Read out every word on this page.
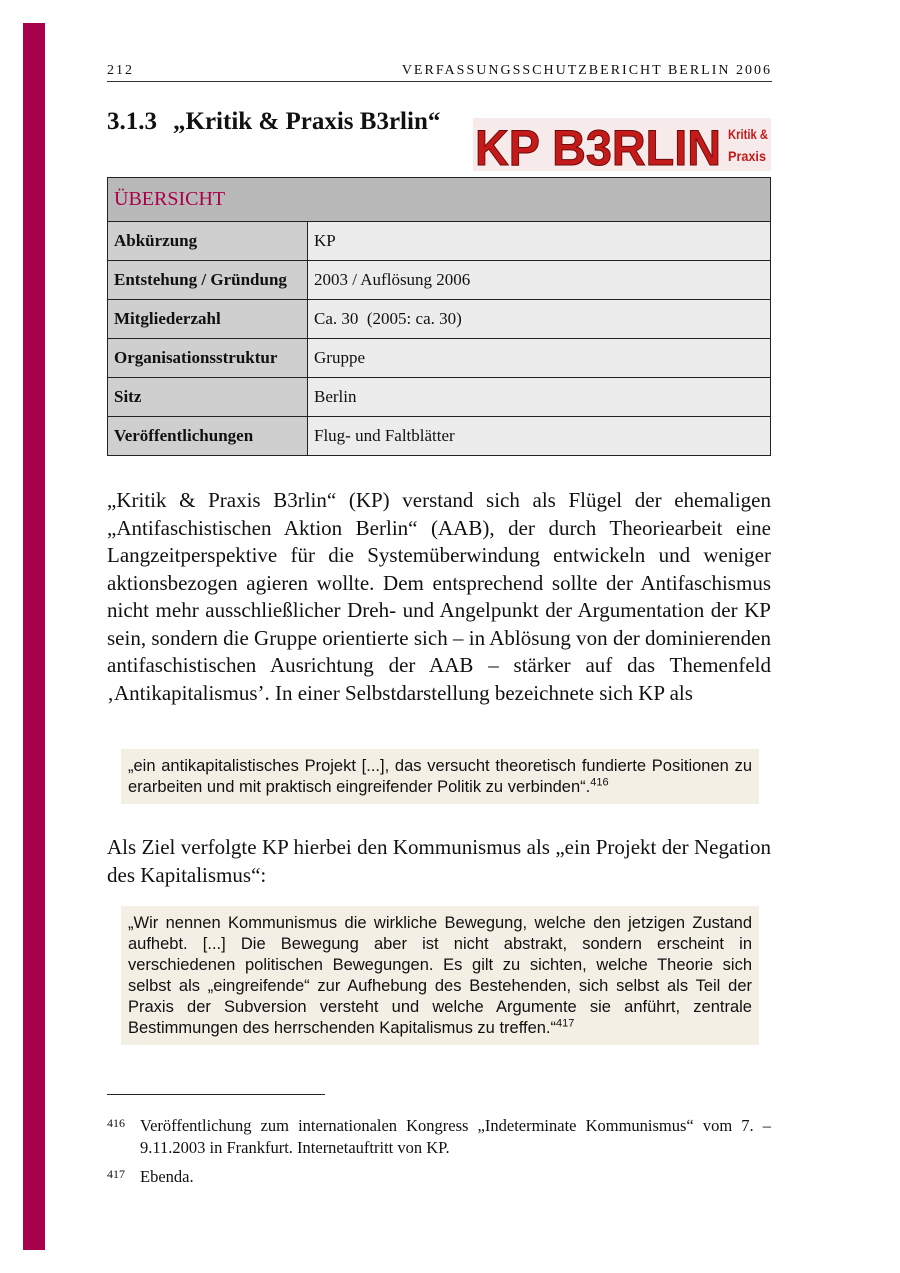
212	VERFASSUNGSSCHUTZBERICHT BERLIN 2006
3.1.3 „Kritik & Praxis B3rlin“ KP B3RLIN Kritik &
Praxis
ÜBERSICHT	
Abkürzung	KP
Entstehung / Gründung	2003 / Auflösung 2006
Mitgliederzahl	Ca. 30  (2005: ca. 30)
Organisationsstruktur	Gruppe
Sitz	Berlin
Veröffentlichungen	Flug- und Faltblätter

„Kritik & Praxis B3rlin“ (KP) verstand sich als Flügel der ehemaligen „Antifaschistischen Aktion Berlin“ (AAB), der durch Theoriearbeit eine Langzeitperspektive für die Systemüberwindung entwickeln und weniger aktionsbezogen agieren wollte. Dem entsprechend sollte der Antifaschismus nicht mehr ausschließlicher Dreh- und Angelpunkt der Argumentation der KP sein, sondern die Gruppe orientierte sich – in Ablösung von der dominierenden antifaschistischen Ausrichtung der AAB – stärker auf das Themenfeld ‚Antikapitalismus’. In einer Selbstdarstellung bezeichnete sich KP als

„ein antikapitalistisches Projekt [...], das versucht theoretisch fundierte Positionen zu erarbeiten und mit praktisch eingreifender Politik zu verbinden“.$^{416}$

Als Ziel verfolgte KP hierbei den Kommunismus als „ein Projekt der Negation des Kapitalismus“:

„Wir nennen Kommunismus die wirkliche Bewegung, welche den jetzigen Zustand aufhebt. [...] Die Bewegung aber ist nicht abstrakt, sondern erscheint in verschiedenen politischen Bewegungen. Es gilt zu sichten, welche Theorie sich selbst als „eingreifende“ zur Aufhebung des Bestehenden, sich selbst als Teil der Praxis der Subversion versteht und welche Argumente sie anführt, zentrale Bestimmungen des herrschenden Kapitalismus zu treffen.“$^{417}$

416 Veröffentlichung zum internationalen Kongress „Indeterminate Kommunismus“ vom 7. – 9.11.2003 in Frankfurt. Internetauftritt von KP.
417 Ebenda.
